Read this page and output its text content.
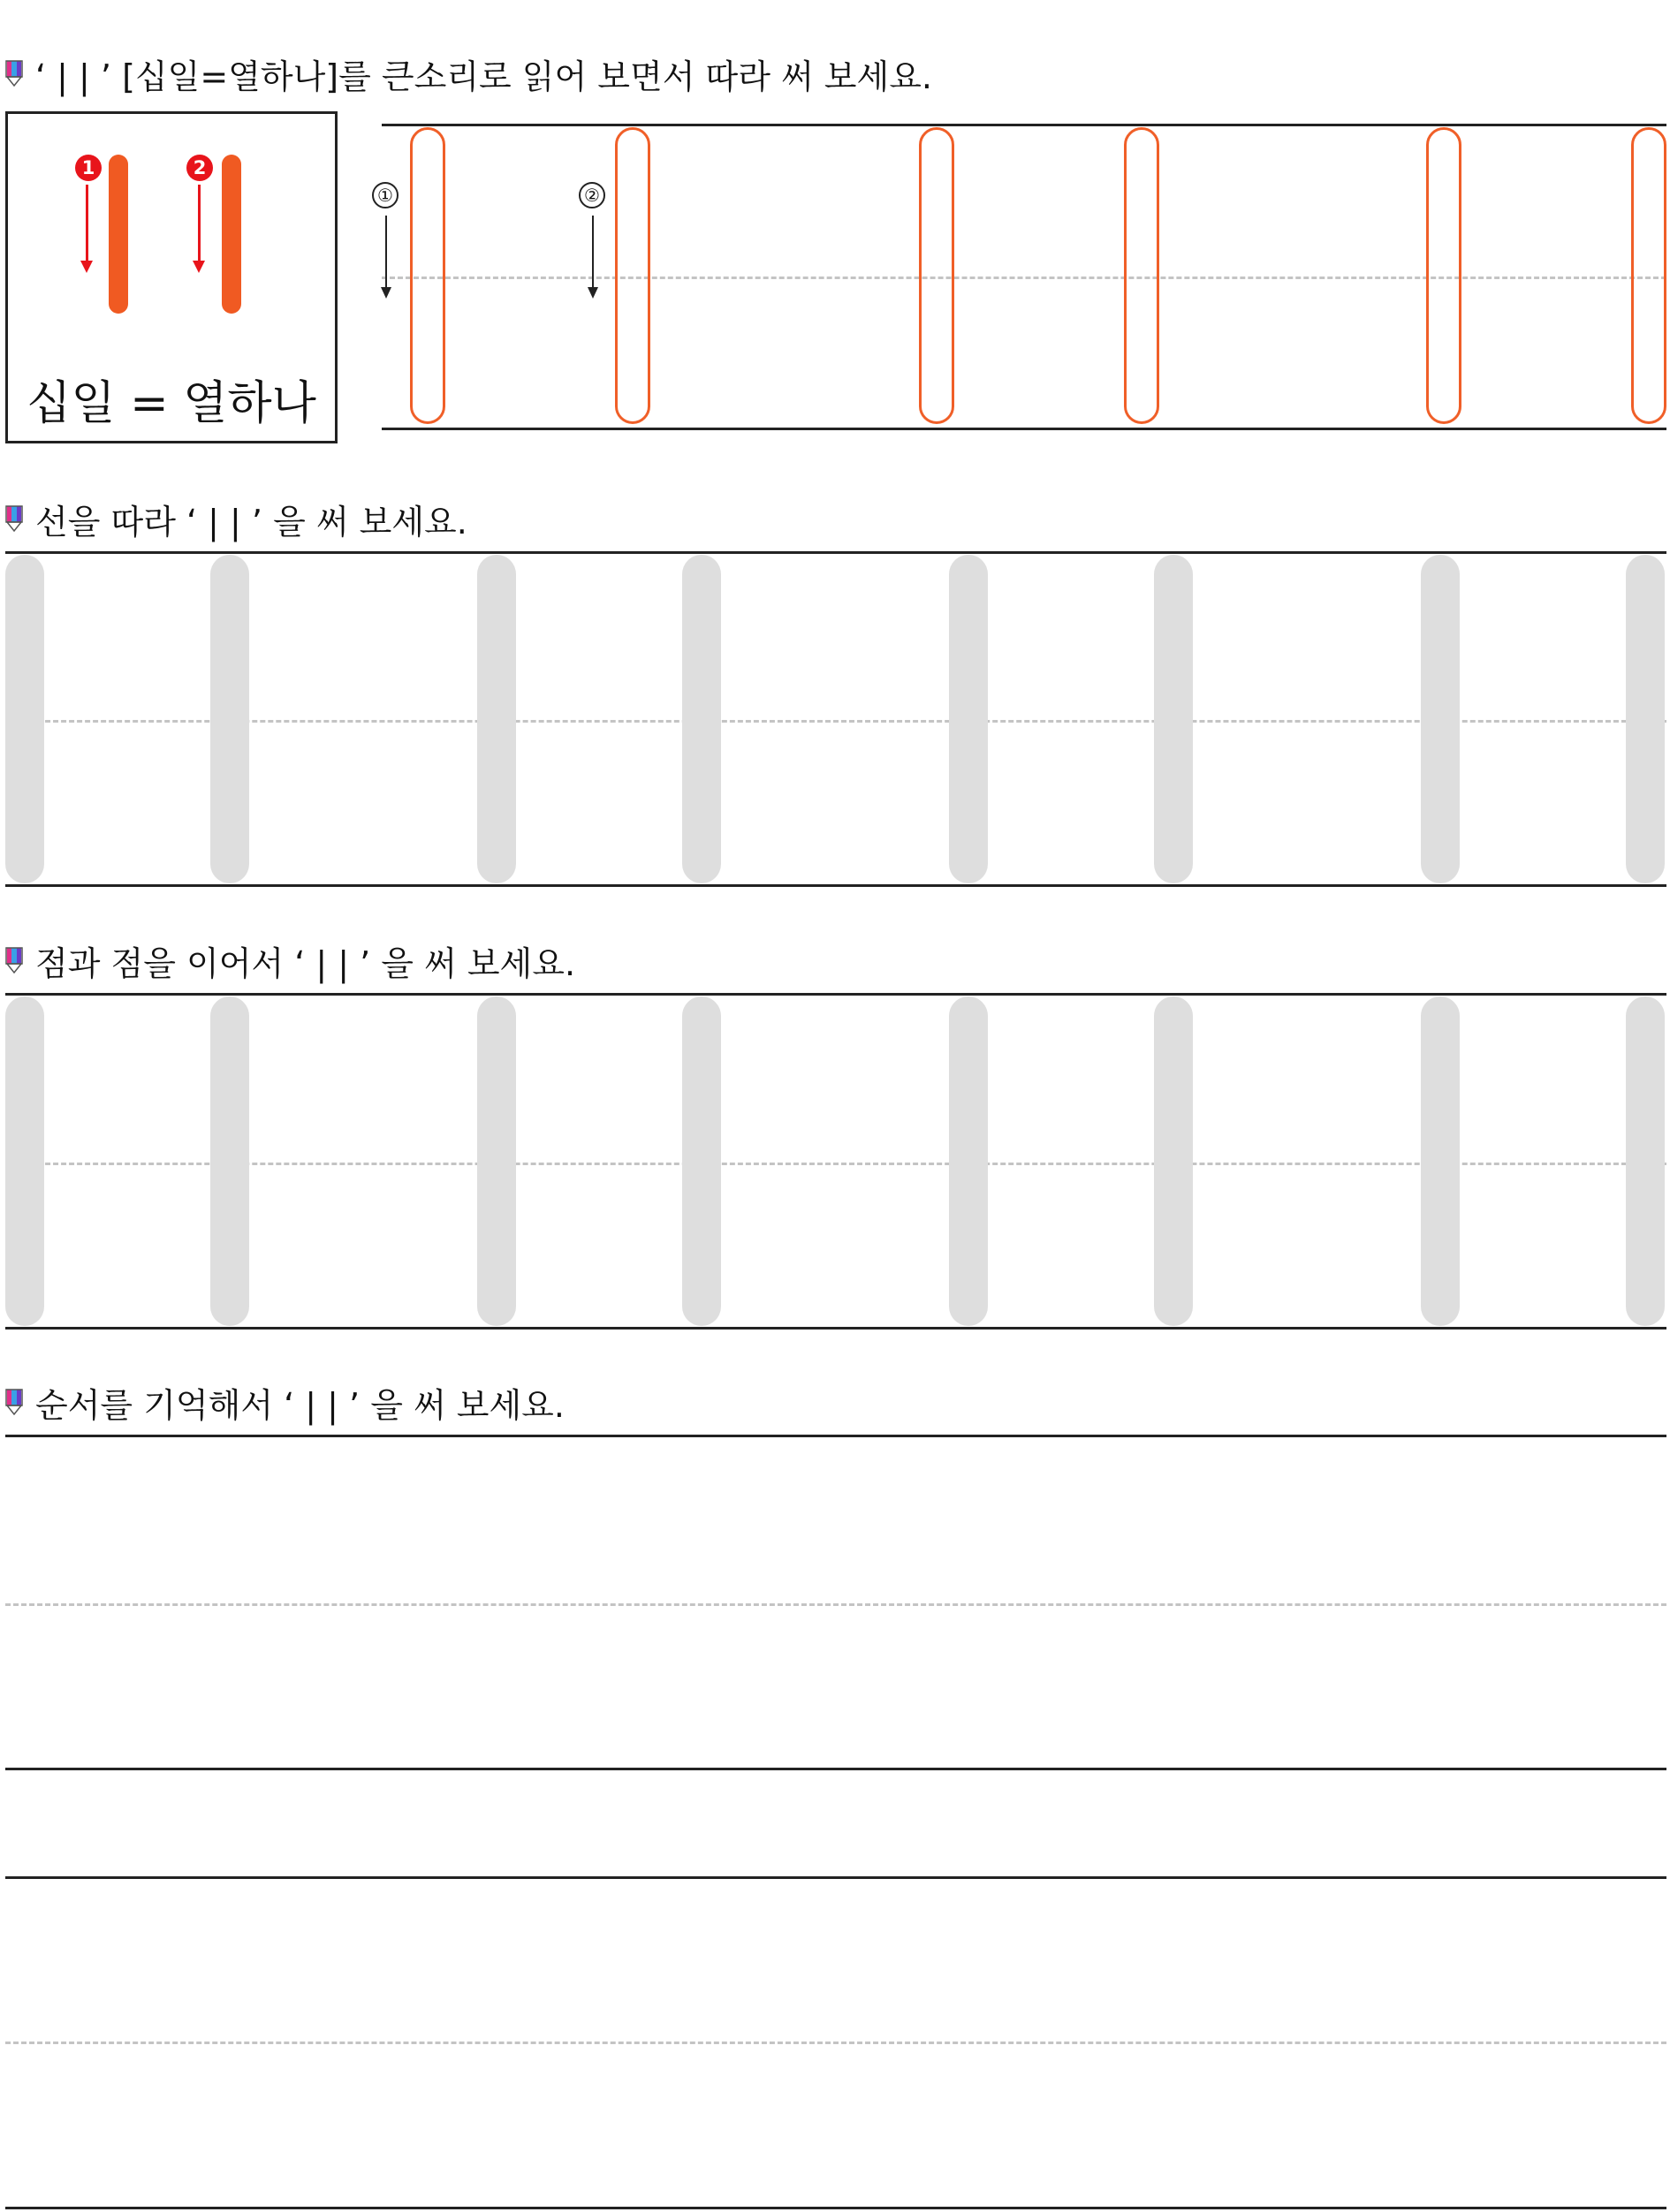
‘ | | ’ [십일=열하나]를 큰소리로 읽어 보면서 따라 써 보세요.
1	2
십일 = 열하나
①	②
선을 따라 ‘ | | ’ 을 써 보세요.
점과 점을 이어서 ‘ | | ’ 을 써 보세요.
순서를 기억해서 ‘ | | ’ 을 써 보세요.
